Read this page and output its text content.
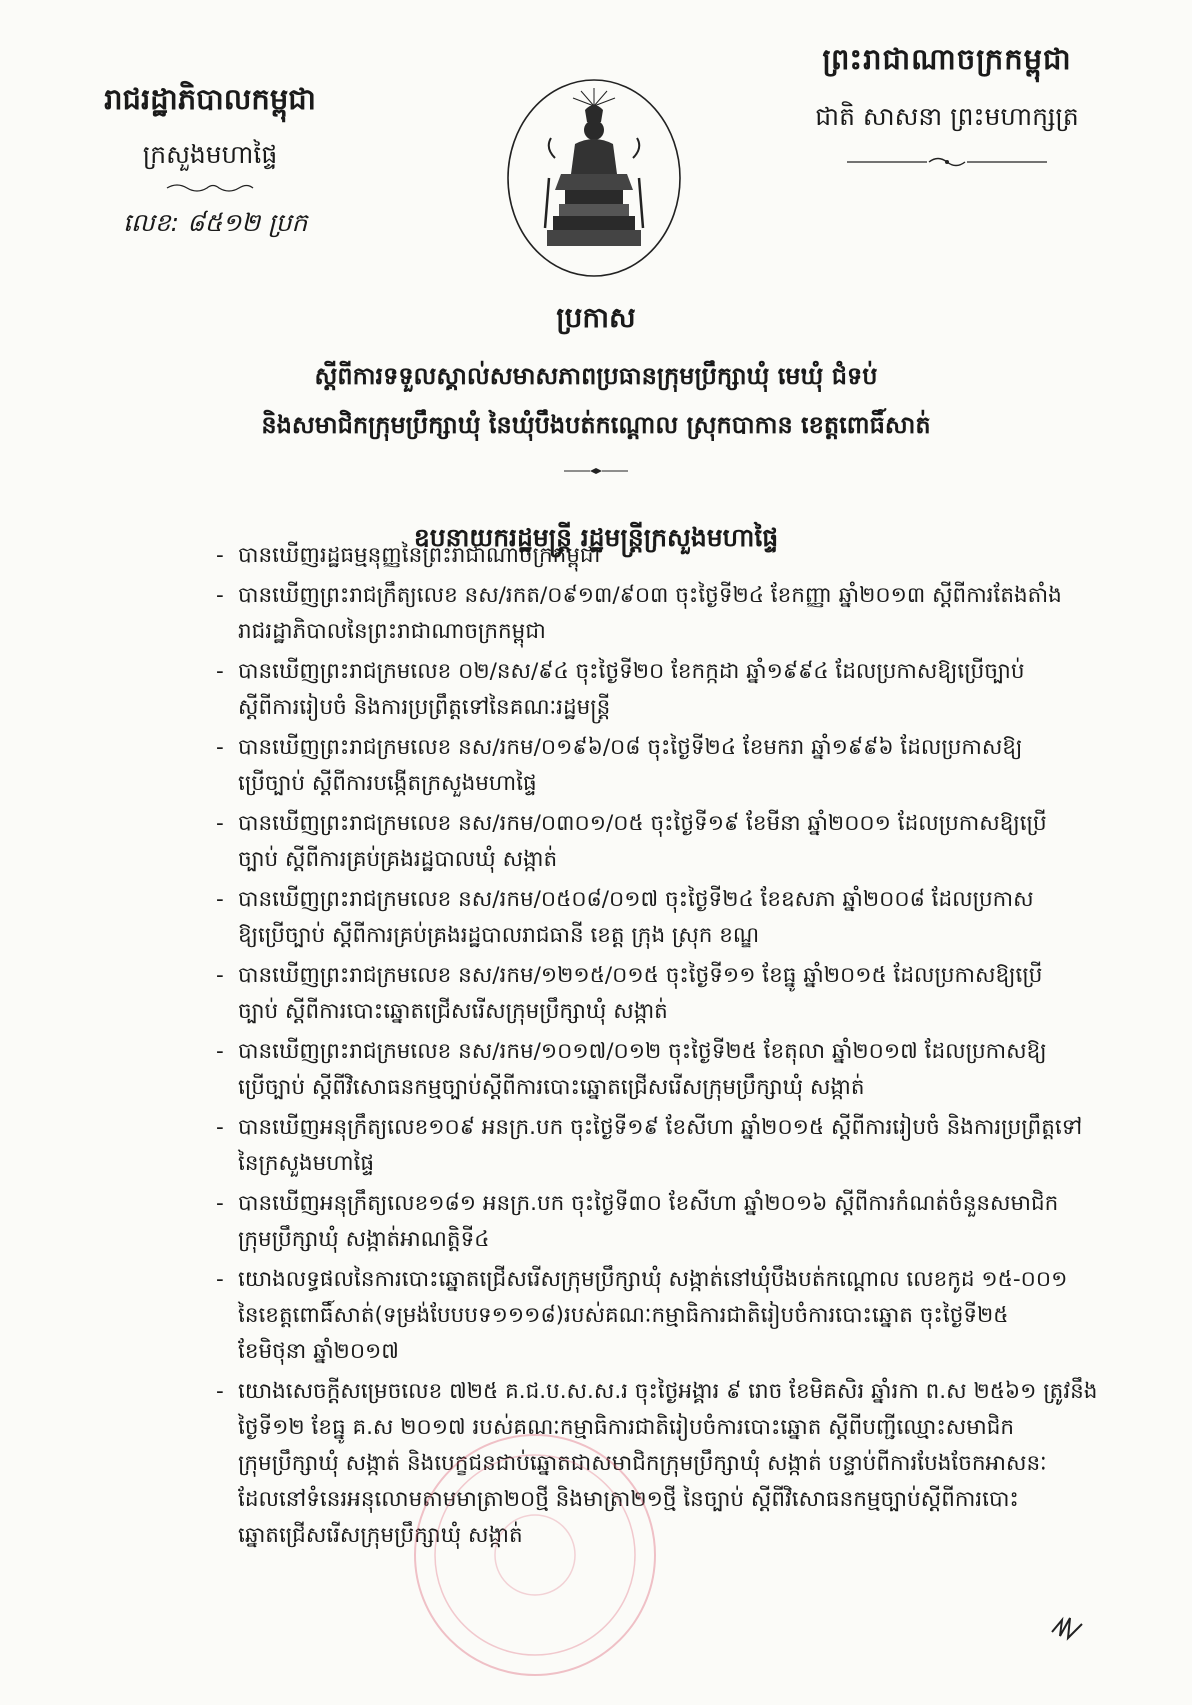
ព្រះរាជាណាចក្រកម្ពុជា
ជាតិ សាសនា ព្រះមហាក្សត្រ
រាជរដ្ឋាភិបាលកម្ពុជា
ក្រសួងមហាផ្ទៃ
លេខ: ៨៥១២ ប្រក
ប្រកាស
ស្តីពីការទទួលស្គាល់សមាសភាពប្រធានក្រុមប្រឹក្សាឃុំ មេឃុំ ជំទប់
និងសមាជិកក្រុមប្រឹក្សាឃុំ នៃឃុំបឹងបត់កណ្តោល ស្រុកបាកាន ខេត្តពោធិ៍សាត់
ឧបនាយករដ្ឋមន្ត្រី រដ្ឋមន្ត្រីក្រសួងមហាផ្ទៃ
- បានឃើញរដ្ឋធម្មនុញ្ញនៃព្រះរាជាណាចក្រកម្ពុជា
- បានឃើញព្រះរាជក្រឹត្យលេខ នស/រកត/០៩១៣/៩០៣ ចុះថ្ងៃទី២៤ ខែកញ្ញា ឆ្នាំ២០១៣ ស្តីពីការតែងតាំង
រាជរដ្ឋាភិបាលនៃព្រះរាជាណាចក្រកម្ពុជា
- បានឃើញព្រះរាជក្រមលេខ ០២/នស/៩៤ ចុះថ្ងៃទី២០ ខែកក្កដា ឆ្នាំ១៩៩៤ ដែលប្រកាសឱ្យប្រើច្បាប់
ស្តីពីការរៀបចំ និងការប្រព្រឹត្តទៅនៃគណៈរដ្ឋមន្ត្រី
- បានឃើញព្រះរាជក្រមលេខ នស/រកម/០១៩៦/០៨ ចុះថ្ងៃទី២៤ ខែមករា ឆ្នាំ១៩៩៦ ដែលប្រកាសឱ្យ
ប្រើច្បាប់ ស្តីពីការបង្កើតក្រសួងមហាផ្ទៃ
- បានឃើញព្រះរាជក្រមលេខ នស/រកម/០៣០១/០៥ ចុះថ្ងៃទី១៩ ខែមីនា ឆ្នាំ២០០១ ដែលប្រកាសឱ្យប្រើ
ច្បាប់ ស្តីពីការគ្រប់គ្រងរដ្ឋបាលឃុំ សង្កាត់
- បានឃើញព្រះរាជក្រមលេខ នស/រកម/០៥០៨/០១៧ ចុះថ្ងៃទី២៤ ខែឧសភា ឆ្នាំ២០០៨ ដែលប្រកាស
ឱ្យប្រើច្បាប់ ស្តីពីការគ្រប់គ្រងរដ្ឋបាលរាជធានី ខេត្ត ក្រុង ស្រុក ខណ្ឌ
- បានឃើញព្រះរាជក្រមលេខ នស/រកម/១២១៥/០១៥ ចុះថ្ងៃទី១១ ខែធ្នូ ឆ្នាំ២០១៥ ដែលប្រកាសឱ្យប្រើ
ច្បាប់ ស្តីពីការបោះឆ្នោតជ្រើសរើសក្រុមប្រឹក្សាឃុំ សង្កាត់
- បានឃើញព្រះរាជក្រមលេខ នស/រកម/១០១៧/០១២ ចុះថ្ងៃទី២៥ ខែតុលា ឆ្នាំ២០១៧ ដែលប្រកាសឱ្យ
ប្រើច្បាប់ ស្តីពីវិសោធនកម្មច្បាប់ស្តីពីការបោះឆ្នោតជ្រើសរើសក្រុមប្រឹក្សាឃុំ សង្កាត់
- បានឃើញអនុក្រឹត្យលេខ១០៩ អនក្រ.បក ចុះថ្ងៃទី១៩ ខែសីហា ឆ្នាំ២០១៥ ស្តីពីការរៀបចំ និងការប្រព្រឹត្តទៅ
នៃក្រសួងមហាផ្ទៃ
- បានឃើញអនុក្រឹត្យលេខ១៨១ អនក្រ.បក ចុះថ្ងៃទី៣០ ខែសីហា ឆ្នាំ២០១៦ ស្តីពីការកំណត់ចំនួនសមាជិក
ក្រុមប្រឹក្សាឃុំ សង្កាត់អាណត្តិទី៤
- យោងលទ្ធផលនៃការបោះឆ្នោតជ្រើសរើសក្រុមប្រឹក្សាឃុំ សង្កាត់នៅឃុំបឹងបត់កណ្តោល លេខកូដ ១៥-០០១
នៃខេត្តពោធិ៍សាត់(ទម្រង់បែបបទ១១១៨)របស់គណៈកម្មាធិការជាតិរៀបចំការបោះឆ្នោត ចុះថ្ងៃទី២៥
ខែមិថុនា ឆ្នាំ២០១៧
- យោងសេចក្តីសម្រេចលេខ ៧២៥ គ.ជ.ប.ស.ស.រ ចុះថ្ងៃអង្គារ ៩ រោច ខែមិគសិរ ឆ្នាំរកា ព.ស ២៥៦១ ត្រូវនឹង
ថ្ងៃទី១២ ខែធ្នូ គ.ស ២០១៧ របស់គណៈកម្មាធិការជាតិរៀបចំការបោះឆ្នោត ស្តីពីបញ្ជីឈ្មោះសមាជិក
ក្រុមប្រឹក្សាឃុំ សង្កាត់ និងបេក្ខជនជាប់ឆ្នោតជាសមាជិកក្រុមប្រឹក្សាឃុំ សង្កាត់ បន្ទាប់ពីការបែងចែកអាសនៈ
ដែលនៅទំនេរអនុលោមតាមមាត្រា២០ថ្មី និងមាត្រា២១ថ្មី នៃច្បាប់ ស្តីពីវិសោធនកម្មច្បាប់ស្តីពីការបោះ
ឆ្នោតជ្រើសរើសក្រុមប្រឹក្សាឃុំ សង្កាត់
